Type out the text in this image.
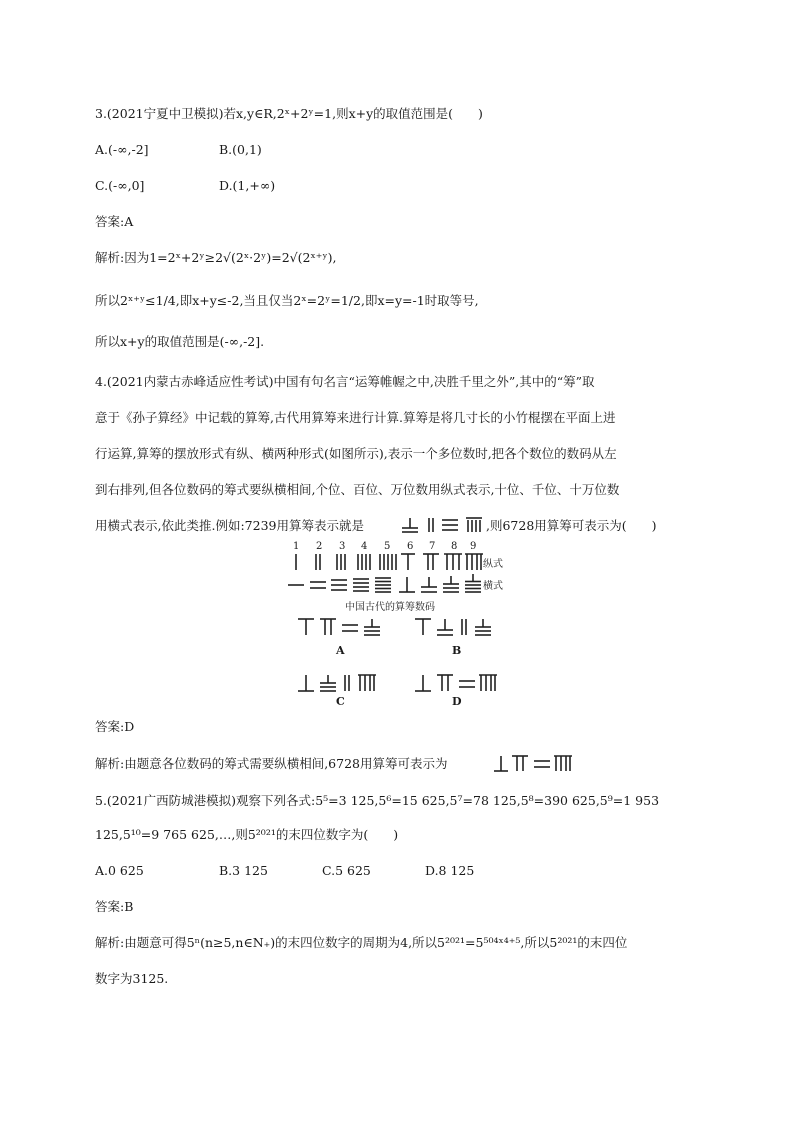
3.(2021宁夏中卫模拟)若x,y∈R,2ˣ+2ʸ=1,则x+y的取值范围是(　　)
A.(-∞,-2]	B.(0,1)
C.(-∞,0]	D.(1,+∞)
答案:A
解析:因为1=2ˣ+2ʸ≥2√(2ˣ·2ʸ)=2√(2ˣ⁺ʸ),
所以2ˣ⁺ʸ≤1/4,即x+y≤-2,当且仅当2ˣ=2ʸ=1/2,即x=y=-1时取等号,
所以x+y的取值范围是(-∞,-2].
4.(2021内蒙古赤峰适应性考试)中国有句名言“运筹帷幄之中,决胜千里之外”,其中的“筹”取
意于《孙子算经》中记载的算筹,古代用算筹来进行计算.算筹是将几寸长的小竹棍摆在平面上进
行运算,算筹的摆放形式有纵、横两种形式(如图所示),表示一个多位数时,把各个数位的数码从左
到右排列,但各位数码的筹式要纵横相间,个位、百位、万位数用纵式表示,十位、千位、十万位数
用横式表示,依此类推.例如:7239用算筹表示就是	,则6728用算筹可表示为(　　)
1 2 3 4 5 6 7 8 9
纵式
横式
中国古代的算筹数码
A	B
C	D
答案:D
解析:由题意各位数码的筹式需要纵横相间,6728用算筹可表示为
5.(2021广西防城港模拟)观察下列各式:5⁵=3 125,5⁶=15 625,5⁷=78 125,5⁸=390 625,5⁹=1 953
125,5¹⁰=9 765 625,…,则5²⁰²¹的末四位数字为(　　)
A.0 625	B.3 125	C.5 625	D.8 125
答案:B
解析:由题意可得5ⁿ(n≥5,n∈N₊)的末四位数字的周期为4,所以5²⁰²¹=5⁵⁰⁴ˣ⁴⁺⁵,所以5²⁰²¹的末四位
数字为3125.
